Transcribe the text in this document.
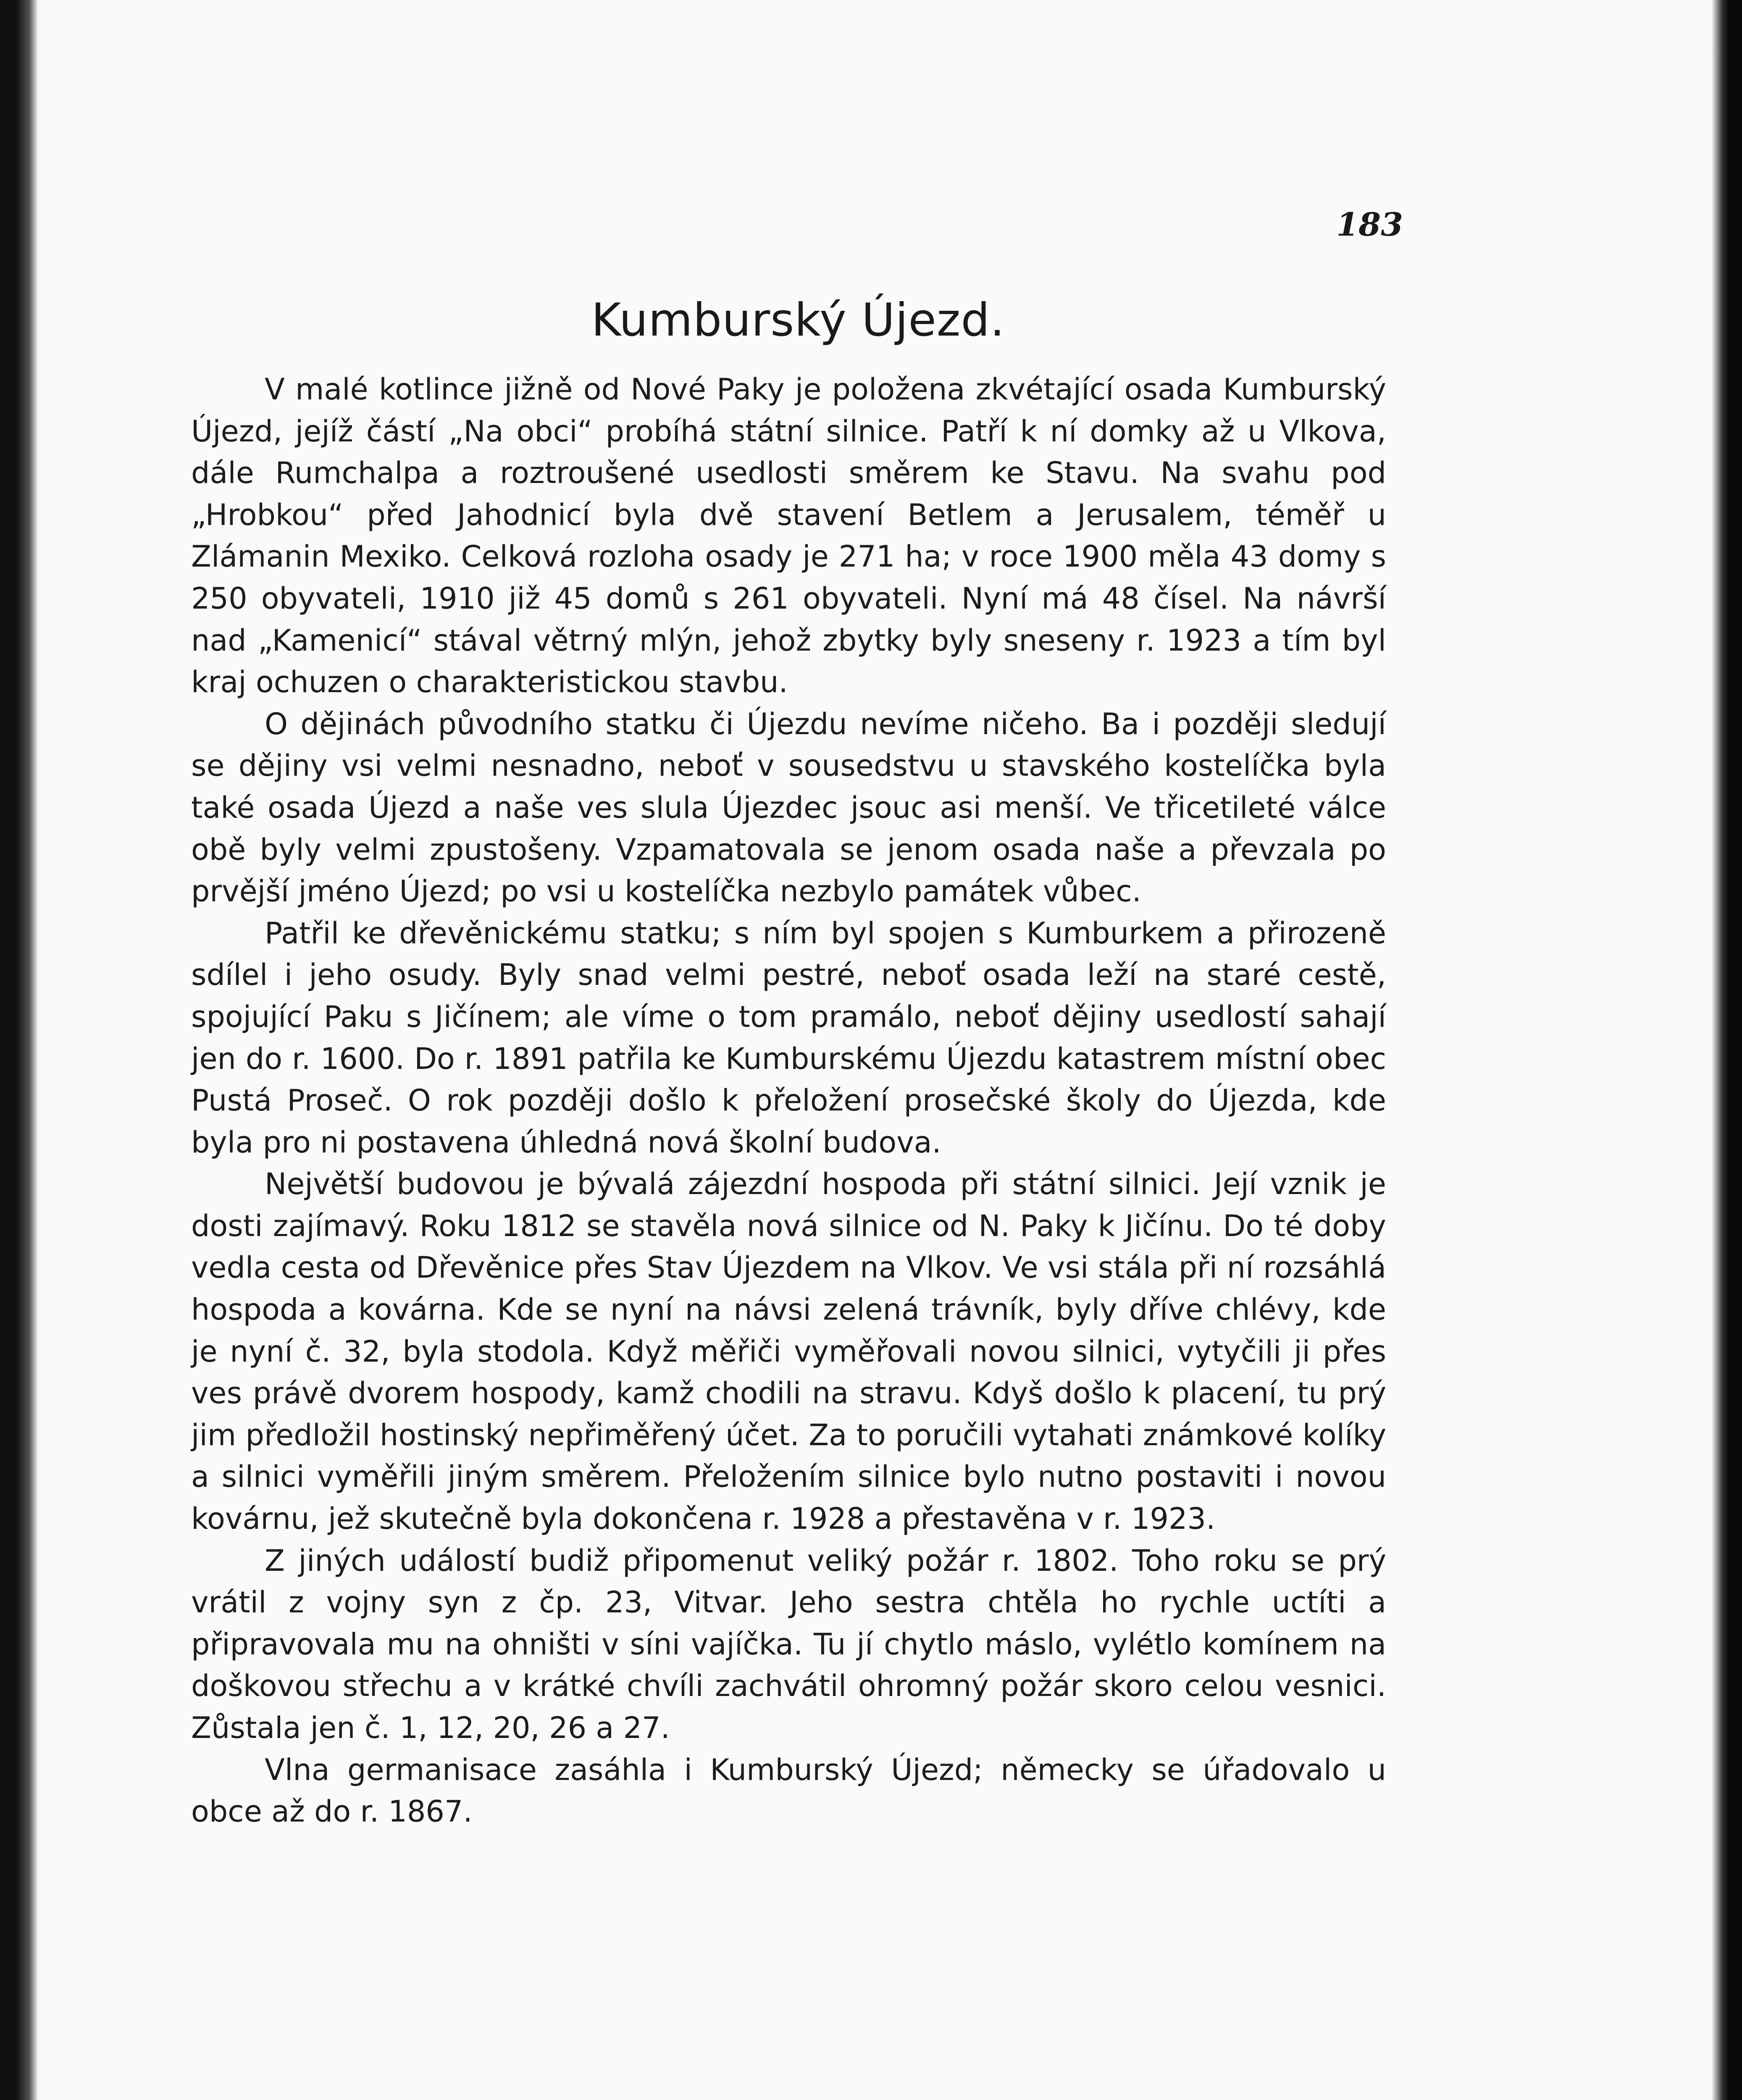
183
Kumburský Újezd.

V malé kotlince jižně od Nové Paky je položena zkvétající osada Kumburský Újezd, jejíž částí „Na obci“ probíhá státní silnice. Patří k ní domky až u Vlkova, dále Rumchalpa a roztroušené usedlosti směrem ke Stavu. Na svahu pod „Hrobkou“ před Jahodnicí byla dvě stavení Betlem a Jerusalem, téměř u Zlámanin Mexiko. Celková rozloha osady je 271 ha; v roce 1900 měla 43 domy s 250 obyvateli, 1910 již 45 domů s 261 obyvateli. Nyní má 48 čísel. Na návrší nad „Kamenicí“ stával větrný mlýn, jehož zbytky byly sneseny r. 1923 a tím byl kraj ochuzen o charakteristickou stavbu.

O dějinách původního statku či Újezdu nevíme ničeho. Ba i později sledují se dějiny vsi velmi nesnadno, neboť v sousedstvu u stavského kostelíčka byla také osada Újezd a naše ves slula Újezdec jsouc asi menší. Ve třicetileté válce obě byly velmi zpustošeny. Vzpamatovala se jenom osada naše a převzala po prvější jméno Újezd; po vsi u kostelíčka nezbylo památek vůbec.

Patřil ke dřevěnickému statku; s ním byl spojen s Kumburkem a přirozeně sdílel i jeho osudy. Byly snad velmi pestré, neboť osada leží na staré cestě, spojující Paku s Jičínem; ale víme o tom pramálo, neboť dějiny usedlostí sahají jen do r. 1600. Do r. 1891 patřila ke Kumburskému Újezdu katastrem místní obec Pustá Proseč. O rok později došlo k přeložení prosečské školy do Újezda, kde byla pro ni postavena úhledná nová školní budova.

Největší budovou je bývalá zájezdní hospoda při státní silnici. Její vznik je dosti zajímavý. Roku 1812 se stavěla nová silnice od N. Paky k Jičínu. Do té doby vedla cesta od Dřevěnice přes Stav Újezdem na Vlkov. Ve vsi stála při ní rozsáhlá hospoda a kovárna. Kde se nyní na návsi zelená trávník, byly dříve chlévy, kde je nyní č. 32, byla stodola. Když měřiči vyměřovali novou silnici, vytyčili ji přes ves právě dvorem hospody, kamž chodili na stravu. Kdyš došlo k placení, tu prý jim předložil hostinský nepřiměřený účet. Za to poručili vytahati známkové kolíky a silnici vyměřili jiným směrem. Přeložením silnice bylo nutno postaviti i novou kovárnu, jež skutečně byla dokončena r. 1928 a přestavěna v r. 1923.

Z jiných událostí budiž připomenut veliký požár r. 1802. Toho roku se prý vrátil z vojny syn z čp. 23, Vitvar. Jeho sestra chtěla ho rychle uctíti a připravovala mu na ohništi v síni vajíčka. Tu jí chytlo máslo, vylétlo komínem na doškovou střechu a v krátké chvíli zachvátil ohromný požár skoro celou vesnici. Zůstala jen č. 1, 12, 20, 26 a 27.

Vlna germanisace zasáhla i Kumburský Újezd; německy se úřadovalo u obce až do r. 1867.
